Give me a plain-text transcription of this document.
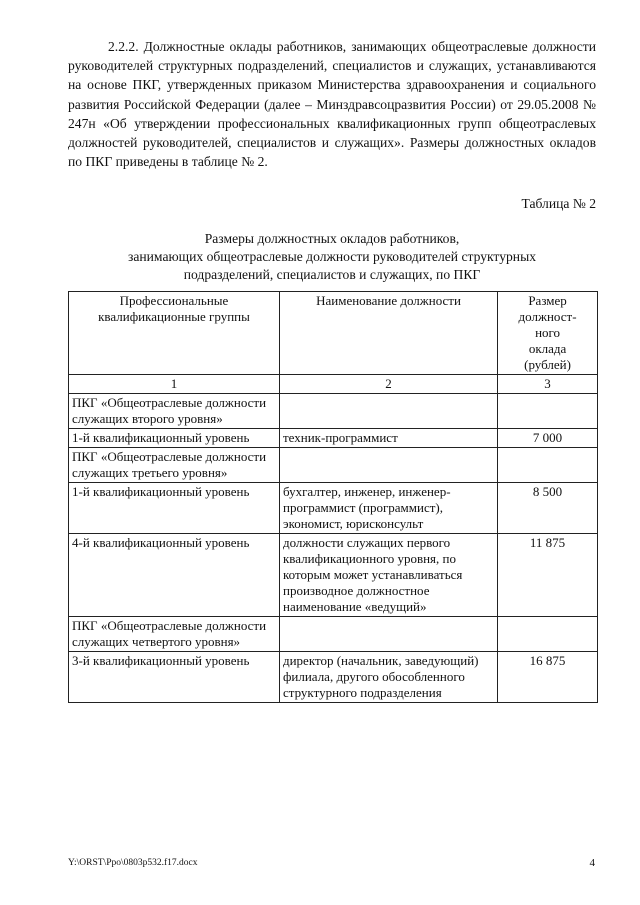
2.2.2. Должностные оклады работников, занимающих общеотраслевые должности руководителей структурных подразделений, специалистов и служащих, устанавливаются на основе ПКГ, утвержденных приказом Министерства здравоохранения и социального развития Российской Федерации (далее – Минздравсоцразвития России) от 29.05.2008 № 247н «Об утверждении профессиональных квалификационных групп общеотраслевых должностей руководителей, специалистов и служащих». Размеры должностных окладов по ПКГ приведены в таблице № 2.

Таблица № 2

Размеры должностных окладов работников,
занимающих общеотраслевые должности руководителей структурных
подразделений, специалистов и служащих, по ПКГ
Профессиональные квалификационные группы	Наименование должности	Размер
должност-
ного
оклада
(рублей)

1	2	3
ПКГ «Общеотраслевые должности служащих второго уровня»		
1-й квалификационный уровень	техник-программист	7 000
ПКГ «Общеотраслевые должности служащих третьего уровня»		
1-й квалификационный уровень	бухгалтер, инженер, инженер-программист (программист), экономист, юрисконсульт	8 500
4-й квалификационный уровень	должности служащих первого квалификационного уровня, по которым может устанавливаться производное должностное наименование «ведущий»	11 875
ПКГ «Общеотраслевые должности служащих четвертого уровня»		
3-й квалификационный уровень	директор (начальник, заведующий) филиала, другого обособленного структурного подразделения	16 875

Y:\ORST\Ppo\0803p532.f17.docx	4
